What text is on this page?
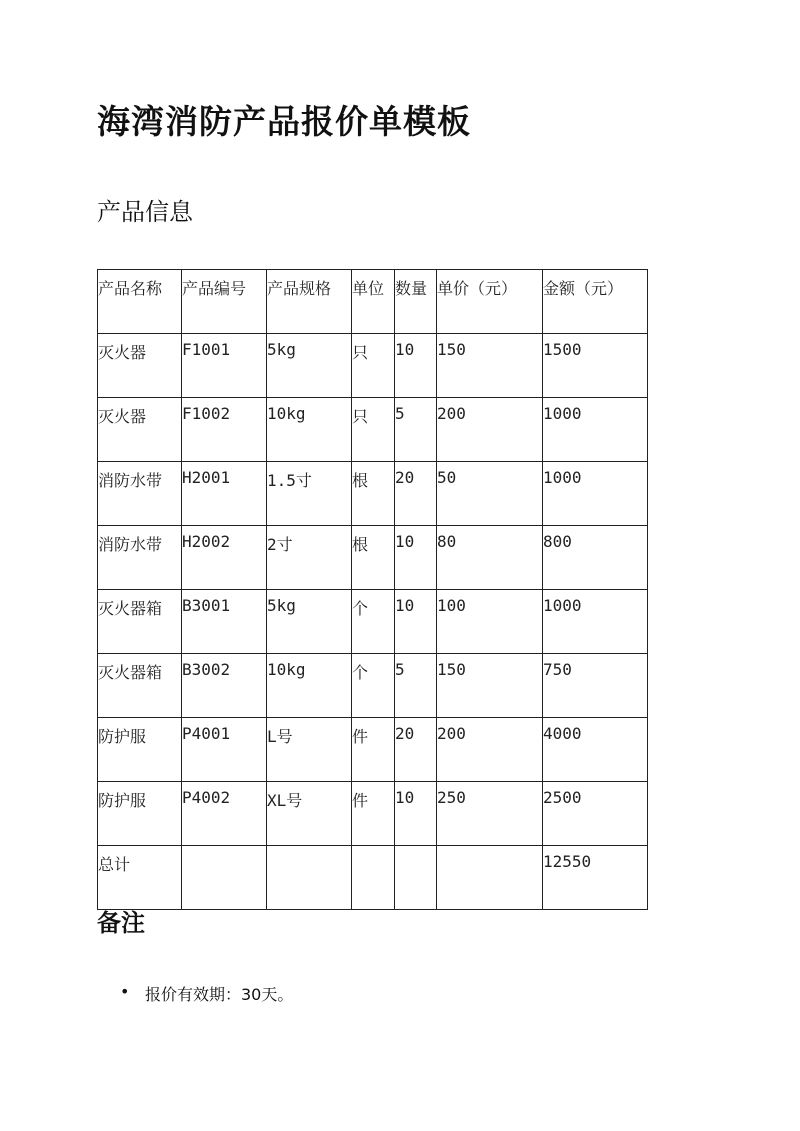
海湾消防产品报价单模板
产品信息
产品名称	产品编号	产品规格	单位	数量	单价（元）	金额（元）
灭火器	F1001	5kg	只	10	150	1500
灭火器	F1002	10kg	只	5	200	1000
消防水带	H2001	1.5寸	根	20	50	1000
消防水带	H2002	2寸	根	10	80	800
灭火器箱	B3001	5kg	个	10	100	1000
灭火器箱	B3002	10kg	个	5	150	750
防护服	P4001	L号	件	20	200	4000
防护服	P4002	XL号	件	10	250	2500
总计						12550
备注
• 报价有效期：30天。
